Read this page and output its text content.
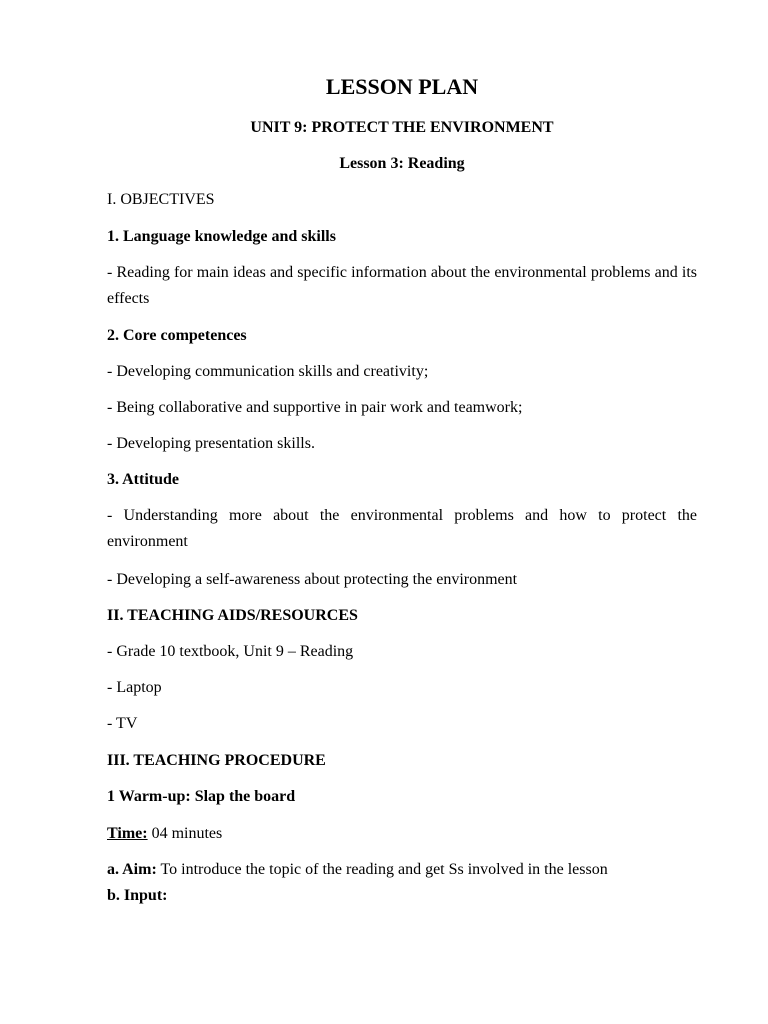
LESSON PLAN
UNIT 9: PROTECT THE ENVIRONMENT
Lesson 3: Reading
I. OBJECTIVES
1. Language knowledge and skills

- Reading for main ideas and specific information about the environmental problems and its effects

2. Core competences
- Developing communication skills and creativity;
- Being collaborative and supportive in pair work and teamwork;
- Developing presentation skills.
3. Attitude

- Understanding more about the environmental problems and how to protect the environment

- Developing a self-awareness about protecting the environment
II. TEACHING AIDS/RESOURCES
- Grade 10 textbook, Unit 9 – Reading
- Laptop
- TV
III. TEACHING PROCEDURE
1 Warm-up: Slap the board
Time: 04 minutes
a. Aim: To introduce the topic of the reading and get Ss involved in the lesson
b. Input:
